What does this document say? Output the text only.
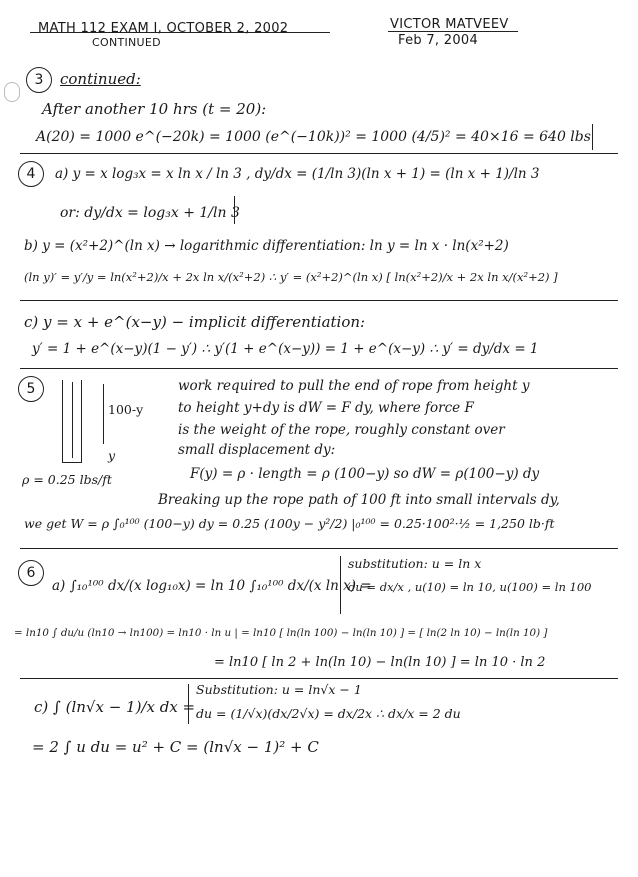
MATH 112 EXAM I, OCTOBER 2, 2002
CONTINUED
VICTOR MATVEEV
Feb 7, 2004
3	continued:
After another 10 hrs (t = 20):
A(20) = 1000 e^(−20k) = 1000 (e^(−10k))² = 1000 (4/5)² = 40×16 = 640 lbs
4	a) y = x log₃x = x ln x / ln 3 , dy/dx = (1/ln 3)(ln x + 1) = (ln x + 1)/ln 3
or: dy/dx = log₃x + 1/ln 3
b) y = (x²+2)^(ln x) → logarithmic differentiation: ln y = ln x · ln(x²+2)
(ln y)′ = y′/y = ln(x²+2)/x + 2x ln x/(x²+2) ∴ y′ = (x²+2)^(ln x) [ ln(x²+2)/x + 2x ln x/(x²+2) ]
c) y = x + e^(x−y) − implicit differentiation:
y′ = 1 + e^(x−y)(1 − y′) ∴ y′(1 + e^(x−y)) = 1 + e^(x−y) ∴ y′ = dy/dx = 1
5
100-y
y
ρ = 0.25 lbs/ft
work required to pull the end of rope from height y
to height y+dy is dW = F dy, where force F
is the weight of the rope, roughly constant over
small displacement dy:
F(y) = ρ · length = ρ (100−y) so dW = ρ(100−y) dy
Breaking up the rope path of 100 ft into small intervals dy,
we get W = ρ ∫₀¹⁰⁰ (100−y) dy = 0.25 (100y − y²/2) |₀¹⁰⁰ = 0.25·100²·½ = 1,250 lb·ft
6
a) ∫₁₀¹⁰⁰ dx/(x log₁₀x) = ln 10 ∫₁₀¹⁰⁰ dx/(x ln x) =
substitution: u = ln x
du = dx/x , u(10) = ln 10, u(100) = ln 100
= ln10 ∫ du/u (ln10 → ln100) = ln10 · ln u | = ln10 [ ln(ln 100) − ln(ln 10) ] = [ ln(2 ln 10) − ln(ln 10) ]
= ln10 [ ln 2 + ln(ln 10) − ln(ln 10) ] = ln 10 · ln 2
c) ∫ (ln√x − 1)/x dx =
Substitution: u = ln√x − 1
du = (1/√x)(dx/2√x) = dx/2x ∴ dx/x = 2 du
= 2 ∫ u du = u² + C = (ln√x − 1)² + C
